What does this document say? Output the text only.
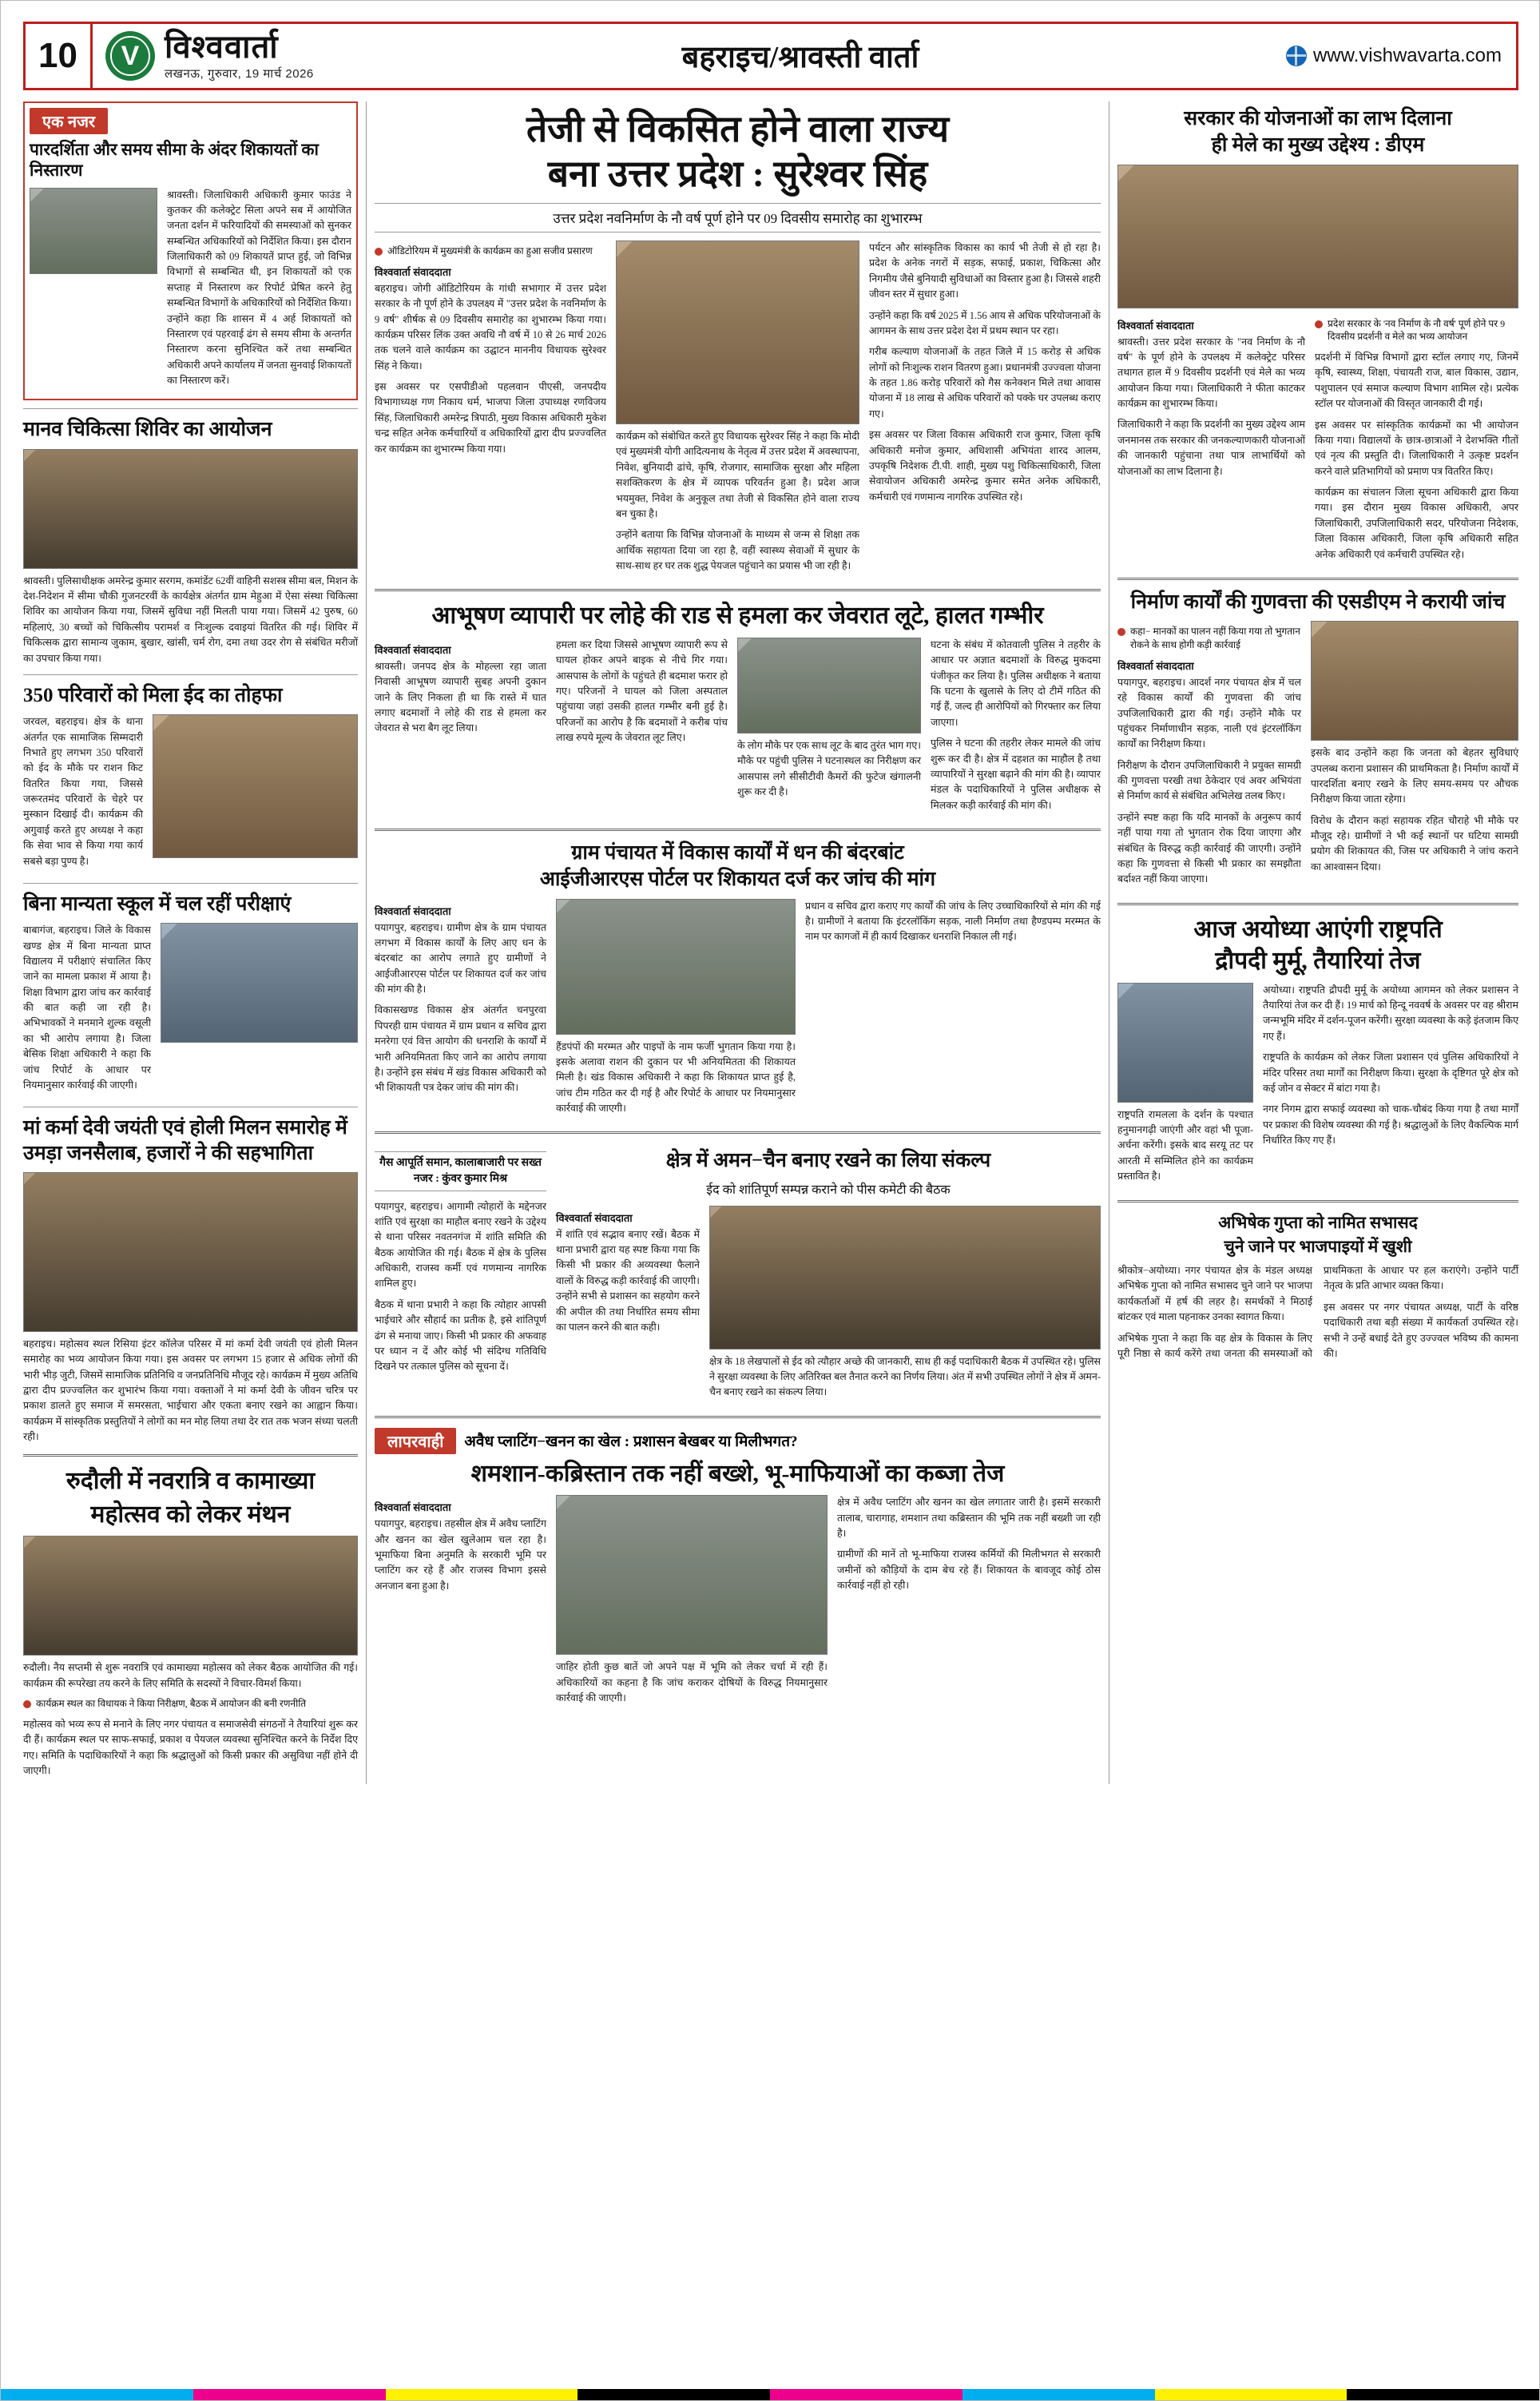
10	V विश्ववार्ता
लखनऊ, गुरुवार, 19 मार्च 2026	बहराइच/श्रावस्ती वार्ता	www.vishwavarta.com
एक नजर
पारदर्शिता और समय सीमा के अंदर शिकायतों का निस्तारण

श्रावस्ती। जिलाधिकारी अधिकारी कुमार फाउंड ने कुतकर की कलेक्ट्रेट सिला अपने सब में आयोजित जनता दर्शन में फरियादियों की समस्याओं को सुनकर सम्बन्धित अधिकारियों को निर्देशित किया। इस दौरान जिलाधिकारी को 09 शिकायतें प्राप्त हुई, जो विभिन्न विभागों से सम्बन्धित थी, इन शिकायतों को एक सप्ताह में निस्तारण कर रिपोर्ट प्रेषित करने हेतु सम्बन्धित विभागों के अधिकारियों को निर्देशित किया। उन्होंने कहा कि शासन में 4 अर्ह शिकायतों को निस्तारण एवं पहरवाई ढंग से समय सीमा के अन्तर्गत निस्तारण करना सुनिश्चित करें तथा सम्बन्धित अधिकारी अपने कार्यालय में जनता सुनवाई शिकायतों का निस्तारण करें।

मानव चिकित्सा शिविर का आयोजन

श्रावस्ती। पुलिसाधीक्षक अमरेन्द्र कुमार सरगम, कमांडेंट 62वीं वाहिनी सशस्त्र सीमा बल, मिशन के देश-निदेशन में सीमा चौकी गुजनटरवीं के कार्यक्षेत्र अंतर्गत ग्राम मेहुआ में ऐसा संस्था चिकित्सा शिविर का आयोजन किया गया, जिसमें सुविधा नहीं मिलती पाया गया। जिसमें 42 पुरुष, 60 महिलाएं, 30 बच्चों को चिकित्सीय परामर्श व निःशुल्क दवाइयां वितरित की गई। शिविर में चिकित्सक द्वारा सामान्य जुकाम, बुखार, खांसी, चर्म रोग, दमा तथा उदर रोग से संबंधित मरीजों का उपचार किया गया।

350 परिवारों को मिला ईद का तोहफा

जरवल, बहराइच। क्षेत्र के थाना अंतर्गत एक सामाजिक सिम्मदारी निभाते हुए लगभग 350 परिवारों को ईद के मौके पर राशन किट वितरित किया गया, जिससे जरूरतमंद परिवारों के चेहरे पर मुस्कान दिखाई दी। कार्यक्रम की अगुवाई करते हुए अध्यक्ष ने कहा कि सेवा भाव से किया गया कार्य सबसे बड़ा पुण्य है।

बिना मान्यता स्कूल में चल रहीं परीक्षाएं

बाबागंज, बहराइच। जिले के विकास खण्ड क्षेत्र में बिना मान्यता प्राप्त विद्यालय में परीक्षाएं संचालित किए जाने का मामला प्रकाश में आया है। शिक्षा विभाग द्वारा जांच कर कार्रवाई की बात कही जा रही है। अभिभावकों ने मनमाने शुल्क वसूली का भी आरोप लगाया है। जिला बेसिक शिक्षा अधिकारी ने कहा कि जांच रिपोर्ट के आधार पर नियमानुसार कार्रवाई की जाएगी।

मां कर्मा देवी जयंती एवं होली मिलन समारोह में उमड़ा जनसैलाब, हजारों ने की सहभागिता

बहराइच। महोत्सव स्थल रिसिया इंटर कॉलेज परिसर में मां कर्मा देवी जयंती एवं होली मिलन समारोह का भव्य आयोजन किया गया। इस अवसर पर लगभग 15 हजार से अधिक लोगों की भारी भीड़ जुटी, जिसमें सामाजिक प्रतिनिधि व जनप्रतिनिधि मौजूद रहे। कार्यक्रम में मुख्य अतिथि द्वारा दीप प्रज्ज्वलित कर शुभारंभ किया गया। वक्ताओं ने मां कर्मा देवी के जीवन चरित्र पर प्रकाश डालते हुए समाज में समरसता, भाईचारा और एकता बनाए रखने का आह्वान किया। कार्यक्रम में सांस्कृतिक प्रस्तुतियों ने लोगों का मन मोह लिया तथा देर रात तक भजन संध्या चलती रही।

रुदौली में नवरात्रि व कामाख्या
महोत्सव को लेकर मंथन

रुदौली। नैय सप्तमी से शुरू नवरात्रि एवं कामाख्या महोत्सव को लेकर बैठक आयोजित की गई। कार्यक्रम की रूपरेखा तय करने के लिए समिति के सदस्यों ने विचार-विमर्श किया।

कार्यक्रम स्थल का विधायक ने किया निरीक्षण, बैठक में आयोजन की बनी रणनीति

महोत्सव को भव्य रूप से मनाने के लिए नगर पंचायत व समाजसेवी संगठनों ने तैयारियां शुरू कर दी हैं। कार्यक्रम स्थल पर साफ-सफाई, प्रकाश व पेयजल व्यवस्था सुनिश्चित करने के निर्देश दिए गए। समिति के पदाधिकारियों ने कहा कि श्रद्धालुओं को किसी प्रकार की असुविधा नहीं होने दी जाएगी।

तेजी से विकसित होने वाला राज्य
बना उत्तर प्रदेश : सुरेश्वर सिंह
उत्तर प्रदेश नवनिर्माण के नौ वर्ष पूर्ण होने पर 09 दिवसीय समारोह का शुभारम्भ
ऑडिटोरियम में मुख्यमंत्री के कार्यक्रम का हुआ सजीव प्रसारण
विश्ववार्ता संवाददाता

बहराइच। जोगी ऑडिटोरियम के गांधी सभागार में उत्तर प्रदेश सरकार के नौ पूर्ण होने के उपलक्ष्य में "उत्तर प्रदेश के नवनिर्माण के 9 वर्ष" शीर्षक से 09 दिवसीय समारोह का शुभारम्भ किया गया। कार्यक्रम परिसर लिंक उक्त अवधि नौ वर्ष में 10 से 26 मार्च 2026 तक चलने वाले कार्यक्रम का उद्घाटन माननीय विधायक सुरेश्वर सिंह ने किया।

इस अवसर पर एसपीडीओ पहलवान पीएसी, जनपदीय विभागाध्यक्ष गण निकाय धर्म, भाजपा जिला उपाध्यक्ष रणविजय सिंह, जिलाधिकारी अमरेन्द्र त्रिपाठी, मुख्य विकास अधिकारी मुकेश चन्द्र सहित अनेक कर्मचारियों व अधिकारियों द्वारा दीप प्रज्ज्वलित कर कार्यक्रम का शुभारम्भ किया गया।

कार्यक्रम को संबोधित करते हुए विधायक सुरेश्वर सिंह ने कहा कि मोदी एवं मुख्यमंत्री योगी आदित्यनाथ के नेतृत्व में उत्तर प्रदेश में अवस्थापना, निवेश, बुनियादी ढांचे, कृषि, रोजगार, सामाजिक सुरक्षा और महिला सशक्तिकरण के क्षेत्र में व्यापक परिवर्तन हुआ है। प्रदेश आज भयमुक्त, निवेश के अनुकूल तथा तेजी से विकसित होने वाला राज्य बन चुका है।

उन्होंने बताया कि विभिन्न योजनाओं के माध्यम से जन्म से शिक्षा तक आर्थिक सहायता दिया जा रहा है, वहीं स्वास्थ्य सेवाओं में सुधार के साथ-साथ हर घर तक शुद्ध पेयजल पहुंचाने का प्रयास भी जा रही है।

पर्यटन और सांस्कृतिक विकास का कार्य भी तेजी से हो रहा है। प्रदेश के अनेक नगरों में सड़क, सफाई, प्रकाश, चिकित्सा और निगमीय जैसे बुनियादी सुविधाओं का विस्तार हुआ है। जिससे शहरी जीवन स्तर में सुधार हुआ।

उन्होंने कहा कि वर्ष 2025 में 1.56 आय से अधिक परियोजनाओं के आगमन के साथ उत्तर प्रदेश देश में प्रथम स्थान पर रहा।

गरीब कल्याण योजनाओं के तहत जिले में 15 करोड़ से अधिक लोगों को निःशुल्क राशन वितरण हुआ। प्रधानमंत्री उज्ज्वला योजना के तहत 1.86 करोड़ परिवारों को गैस कनेक्शन मिले तथा आवास योजना में 18 लाख से अधिक परिवारों को पक्के घर उपलब्ध कराए गए।

इस अवसर पर जिला विकास अधिकारी राज कुमार, जिला कृषि अधिकारी मनोज कुमार, अधिशासी अभियंता शारद आलम, उपकृषि निदेशक टी.पी. शाही, मुख्य पशु चिकित्साधिकारी, जिला सेवायोजन अधिकारी अमरेन्द्र कुमार समेत अनेक अधिकारी, कर्मचारी एवं गणमान्य नागरिक उपस्थित रहे।

आभूषण व्यापारी पर लोहे की राड से हमला कर जेवरात लूटे, हालत गम्भीर
विश्ववार्ता संवाददाता

श्रावस्ती। जनपद क्षेत्र के मोहल्ला रहा जाता निवासी आभूषण व्यापारी सुबह अपनी दुकान जाने के लिए निकला ही था कि रास्ते में घात लगाए बदमाशों ने लोहे की राड से हमला कर जेवरात से भरा बैग लूट लिया।

हमला कर दिया जिससे आभूषण व्यापारी रूप से घायल होकर अपने बाइक से नीचे गिर गया। आसपास के लोगों के पहुंचते ही बदमाश फरार हो गए। परिजनों ने घायल को जिला अस्पताल पहुंचाया जहां उसकी हालत गम्भीर बनी हुई है। परिजनों का आरोप है कि बदमाशों ने करीब पांच लाख रुपये मूल्य के जेवरात लूट लिए।

के लोग मौके पर एक साथ लूट के बाद तुरंत भाग गए। मौके पर पहुंची पुलिस ने घटनास्थल का निरीक्षण कर आसपास लगे सीसीटीवी कैमरों की फुटेज खंगालनी शुरू कर दी है।

घटना के संबंध में कोतवाली पुलिस ने तहरीर के आधार पर अज्ञात बदमाशों के विरुद्ध मुकदमा पंजीकृत कर लिया है। पुलिस अधीक्षक ने बताया कि घटना के खुलासे के लिए दो टीमें गठित की गई हैं, जल्द ही आरोपियों को गिरफ्तार कर लिया जाएगा।

पुलिस ने घटना की तहरीर लेकर मामले की जांच शुरू कर दी है। क्षेत्र में दहशत का माहौल है तथा व्यापारियों ने सुरक्षा बढ़ाने की मांग की है। व्यापार मंडल के पदाधिकारियों ने पुलिस अधीक्षक से मिलकर कड़ी कार्रवाई की मांग की।

ग्राम पंचायत में विकास कार्यों में धन की बंदरबांट
आईजीआरएस पोर्टल पर शिकायत दर्ज कर जांच की मांग
विश्ववार्ता संवाददाता

पयागपुर, बहराइच। ग्रामीण क्षेत्र के ग्राम पंचायत लगभग में विकास कार्यों के लिए आए धन के बंदरबांट का आरोप लगाते हुए ग्रामीणों ने आईजीआरएस पोर्टल पर शिकायत दर्ज कर जांच की मांग की है।

विकासखण्ड विकास क्षेत्र अंतर्गत चनपुरवा पिपरही ग्राम पंचायत में ग्राम प्रधान व सचिव द्वारा मनरेगा एवं वित्त आयोग की धनराशि के कार्यों में भारी अनियमितता किए जाने का आरोप लगाया है। उन्होंने इस संबंध में खंड विकास अधिकारी को भी शिकायती पत्र देकर जांच की मांग की।

हैंडपंपों की मरम्मत और पाइपों के नाम फर्जी भुगतान किया गया है। इसके अलावा राशन की दुकान पर भी अनियमितता की शिकायत मिली है। खंड विकास अधिकारी ने कहा कि शिकायत प्राप्त हुई है, जांच टीम गठित कर दी गई है और रिपोर्ट के आधार पर नियमानुसार कार्रवाई की जाएगी।

प्रधान व सचिव द्वारा कराए गए कार्यों की जांच के लिए उच्चाधिकारियों से मांग की गई है। ग्रामीणों ने बताया कि इंटरलॉकिंग सड़क, नाली निर्माण तथा हैण्डपम्प मरम्मत के नाम पर कागजों में ही कार्य दिखाकर धनराशि निकाल ली गई।

गैस आपूर्ति समान, कालाबाजारी पर सख्त नजर : कुंवर कुमार मिश्र

पयागपुर, बहराइच। आगामी त्योहारों के मद्देनजर शांति एवं सुरक्षा का माहौल बनाए रखने के उद्देश्य से थाना परिसर नवतनगंज में शांति समिति की बैठक आयोजित की गई। बैठक में क्षेत्र के पुलिस अधिकारी, राजस्व कर्मी एवं गणमान्य नागरिक शामिल हुए।

बैठक में थाना प्रभारी ने कहा कि त्योहार आपसी भाईचारे और सौहार्द का प्रतीक है, इसे शांतिपूर्ण ढंग से मनाया जाए। किसी भी प्रकार की अफवाह पर ध्यान न दें और कोई भी संदिग्ध गतिविधि दिखने पर तत्काल पुलिस को सूचना दें।

क्षेत्र में अमन−चैन बनाए रखने का लिया संकल्प
ईद को शांतिपूर्ण सम्पन्न कराने को पीस कमेटी की बैठक
विश्ववार्ता संवाददाता

में शांति एवं सद्भाव बनाए रखें। बैठक में थाना प्रभारी द्वारा यह स्पष्ट किया गया कि किसी भी प्रकार की अव्यवस्था फैलाने वालों के विरुद्ध कड़ी कार्रवाई की जाएगी। उन्होंने सभी से प्रशासन का सहयोग करने की अपील की तथा निर्धारित समय सीमा का पालन करने की बात कही।

क्षेत्र के 18 लेखपालों से ईद को त्यौहार अच्छे की जानकारी, साथ ही कई पदाधिकारी बैठक में उपस्थित रहे। पुलिस ने सुरक्षा व्यवस्था के लिए अतिरिक्त बल तैनात करने का निर्णय लिया। अंत में सभी उपस्थित लोगों ने क्षेत्र में अमन-चैन बनाए रखने का संकल्प लिया।

लापरवाही	अवैध प्लाटिंग−खनन का खेल : प्रशासन बेखबर या मिलीभगत?
शमशान-कब्रिस्तान तक नहीं बख्शे, भू-माफियाओं का कब्जा तेज
विश्ववार्ता संवाददाता

पयागपुर, बहराइच। तहसील क्षेत्र में अवैध प्लाटिंग और खनन का खेल खुलेआम चल रहा है। भूमाफिया बिना अनुमति के सरकारी भूमि पर प्लाटिंग कर रहे हैं और राजस्व विभाग इससे अनजान बना हुआ है।

जाहिर होती कुछ बातें जो अपने पक्ष में भूमि को लेकर चर्चा में रही हैं। अधिकारियों का कहना है कि जांच कराकर दोषियों के विरुद्ध नियमानुसार कार्रवाई की जाएगी।

क्षेत्र में अवैध प्लाटिंग और खनन का खेल लगातार जारी है। इसमें सरकारी तालाब, चारागाह, शमशान तथा कब्रिस्तान की भूमि तक नहीं बख्शी जा रही है।

ग्रामीणों की मानें तो भू-माफिया राजस्व कर्मियों की मिलीभगत से सरकारी जमीनों को कौड़ियों के दाम बेच रहे हैं। शिकायत के बावजूद कोई ठोस कार्रवाई नहीं हो रही।

सरकार की योजनाओं का लाभ दिलाना
ही मेले का मुख्य उद्देश्य : डीएम
विश्ववार्ता संवाददाता

श्रावस्ती। उत्तर प्रदेश सरकार के "नव निर्माण के नौ वर्ष" के पूर्ण होने के उपलक्ष्य में कलेक्ट्रेट परिसर तथागत हाल में 9 दिवसीय प्रदर्शनी एवं मेले का भव्य आयोजन किया गया। जिलाधिकारी ने फीता काटकर कार्यक्रम का शुभारम्भ किया।

जिलाधिकारी ने कहा कि प्रदर्शनी का मुख्य उद्देश्य आम जनमानस तक सरकार की जनकल्याणकारी योजनाओं की जानकारी पहुंचाना तथा पात्र लाभार्थियों को योजनाओं का लाभ दिलाना है।

प्रदेश सरकार के 'नव निर्माण के नौ वर्ष' पूर्ण होने पर 9 दिवसीय प्रदर्शनी व मेले का भव्य आयोजन

प्रदर्शनी में विभिन्न विभागों द्वारा स्टॉल लगाए गए, जिनमें कृषि, स्वास्थ्य, शिक्षा, पंचायती राज, बाल विकास, उद्यान, पशुपालन एवं समाज कल्याण विभाग शामिल रहे। प्रत्येक स्टॉल पर योजनाओं की विस्तृत जानकारी दी गई।

इस अवसर पर सांस्कृतिक कार्यक्रमों का भी आयोजन किया गया। विद्यालयों के छात्र-छात्राओं ने देशभक्ति गीतों एवं नृत्य की प्रस्तुति दी। जिलाधिकारी ने उत्कृष्ट प्रदर्शन करने वाले प्रतिभागियों को प्रमाण पत्र वितरित किए।

कार्यक्रम का संचालन जिला सूचना अधिकारी द्वारा किया गया। इस दौरान मुख्य विकास अधिकारी, अपर जिलाधिकारी, उपजिलाधिकारी सदर, परियोजना निदेशक, जिला विकास अधिकारी, जिला कृषि अधिकारी सहित अनेक अधिकारी एवं कर्मचारी उपस्थित रहे।

निर्माण कार्यों की गुणवत्ता की एसडीएम ने करायी जांच
कहा− मानकों का पालन नहीं किया गया तो भुगतान रोकने के साथ होगी कड़ी कार्रवाई
विश्ववार्ता संवाददाता

पयागपुर, बहराइच। आदर्श नगर पंचायत क्षेत्र में चल रहे विकास कार्यों की गुणवत्ता की जांच उपजिलाधिकारी द्वारा की गई। उन्होंने मौके पर पहुंचकर निर्माणाधीन सड़क, नाली एवं इंटरलॉकिंग कार्यों का निरीक्षण किया।

निरीक्षण के दौरान उपजिलाधिकारी ने प्रयुक्त सामग्री की गुणवत्ता परखी तथा ठेकेदार एवं अवर अभियंता से निर्माण कार्य से संबंधित अभिलेख तलब किए।

उन्होंने स्पष्ट कहा कि यदि मानकों के अनुरूप कार्य नहीं पाया गया तो भुगतान रोक दिया जाएगा और संबंधित के विरुद्ध कड़ी कार्रवाई की जाएगी। उन्होंने कहा कि गुणवत्ता से किसी भी प्रकार का समझौता बर्दाश्त नहीं किया जाएगा।

इसके बाद उन्होंने कहा कि जनता को बेहतर सुविधाएं उपलब्ध कराना प्रशासन की प्राथमिकता है। निर्माण कार्यों में पारदर्शिता बनाए रखने के लिए समय-समय पर औचक निरीक्षण किया जाता रहेगा।

विरोध के दौरान कहां सहायक रहित चौराहे भी मौके पर मौजूद रहे। ग्रामीणों ने भी कई स्थानों पर घटिया सामग्री प्रयोग की शिकायत की, जिस पर अधिकारी ने जांच कराने का आश्वासन दिया।

आज अयोध्या आएंगी राष्ट्रपति
द्रौपदी मुर्मू, तैयारियां तेज

राष्ट्रपति रामलला के दर्शन के पश्चात हनुमानगढ़ी जाएंगी और वहां भी पूजा-अर्चना करेंगी। इसके बाद सरयू तट पर आरती में सम्मिलित होने का कार्यक्रम प्रस्तावित है।

अयोध्या। राष्ट्रपति द्रौपदी मुर्मू के अयोध्या आगमन को लेकर प्रशासन ने तैयारियां तेज कर दी हैं। 19 मार्च को हिन्दू नववर्ष के अवसर पर वह श्रीराम जन्मभूमि मंदिर में दर्शन-पूजन करेंगी। सुरक्षा व्यवस्था के कड़े इंतजाम किए गए हैं।

राष्ट्रपति के कार्यक्रम को लेकर जिला प्रशासन एवं पुलिस अधिकारियों ने मंदिर परिसर तथा मार्गों का निरीक्षण किया। सुरक्षा के दृष्टिगत पूरे क्षेत्र को कई जोन व सेक्टर में बांटा गया है।

नगर निगम द्वारा सफाई व्यवस्था को चाक-चौबंद किया गया है तथा मार्गों पर प्रकाश की विशेष व्यवस्था की गई है। श्रद्धालुओं के लिए वैकल्पिक मार्ग निर्धारित किए गए हैं।

अभिषेक गुप्ता को नामित सभासद
चुने जाने पर भाजपाइयों में खुशी

श्रीकोत्र−अयोध्या। नगर पंचायत क्षेत्र के मंडल अध्यक्ष अभिषेक गुप्ता को नामित सभासद चुने जाने पर भाजपा कार्यकर्ताओं में हर्ष की लहर है। समर्थकों ने मिठाई बांटकर एवं माला पहनाकर उनका स्वागत किया।

अभिषेक गुप्ता ने कहा कि वह क्षेत्र के विकास के लिए पूरी निष्ठा से कार्य करेंगे तथा जनता की समस्याओं को प्राथमिकता के आधार पर हल कराएंगे। उन्होंने पार्टी नेतृत्व के प्रति आभार व्यक्त किया।

इस अवसर पर नगर पंचायत अध्यक्ष, पार्टी के वरिष्ठ पदाधिकारी तथा बड़ी संख्या में कार्यकर्ता उपस्थित रहे। सभी ने उन्हें बधाई देते हुए उज्ज्वल भविष्य की कामना की।
